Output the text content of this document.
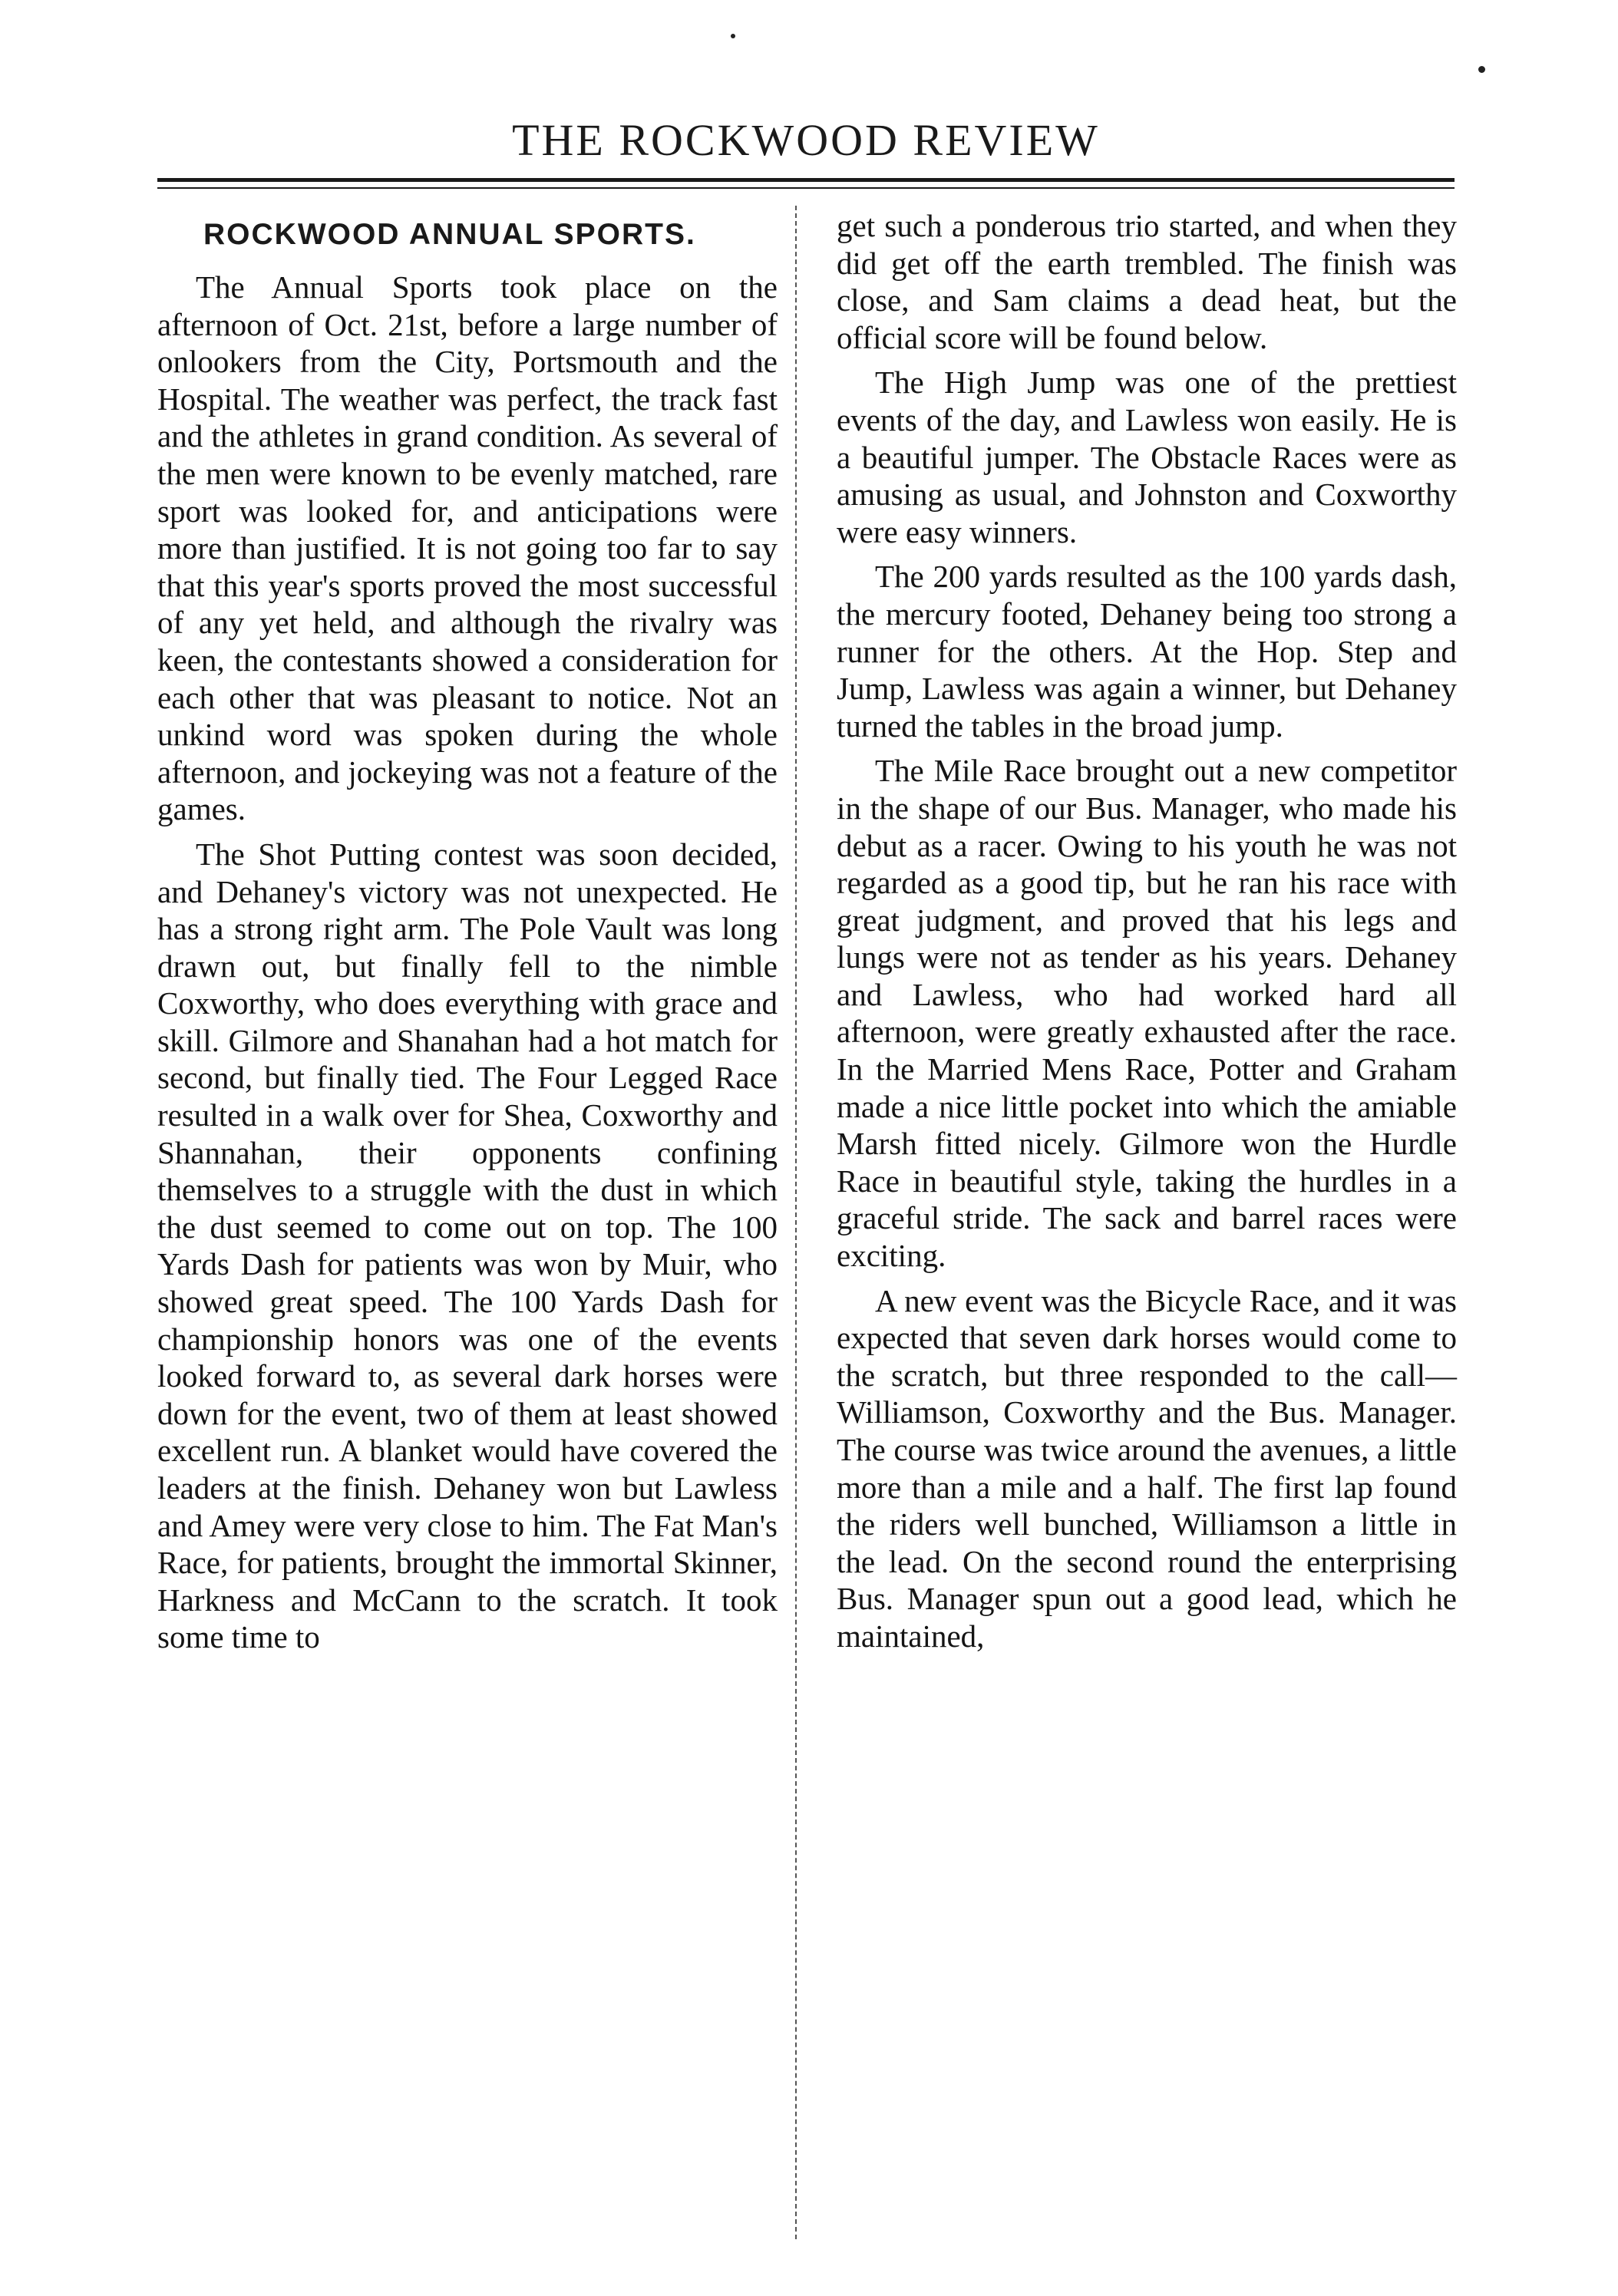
THE ROCKWOOD REVIEW
ROCKWOOD ANNUAL SPORTS.

The Annual Sports took place on the afternoon of Oct. 21st, before a large number of onlookers from the City, Portsmouth and the Hospital. The weather was perfect, the track fast and the athletes in grand condition. As several of the men were known to be evenly matched, rare sport was looked for, and anticipations were more than justified. It is not going too far to say that this year's sports proved the most successful of any yet held, and although the rivalry was keen, the contestants showed a consideration for each other that was pleasant to notice. Not an unkind word was spoken during the whole afternoon, and jockeying was not a feature of the games.

The Shot Putting contest was soon decided, and Dehaney's victory was not unexpected. He has a strong right arm. The Pole Vault was long drawn out, but finally fell to the nimble Coxworthy, who does everything with grace and skill. Gilmore and Shanahan had a hot match for second, but finally tied. The Four Legged Race resulted in a walk over for Shea, Coxworthy and Shannahan, their opponents confining themselves to a struggle with the dust in which the dust seemed to come out on top. The 100 Yards Dash for patients was won by Muir, who showed great speed. The 100 Yards Dash for championship honors was one of the events looked forward to, as several dark horses were down for the event, two of them at least showed excellent run. A blanket would have covered the leaders at the finish. Dehaney won but Lawless and Amey were very close to him. The Fat Man's Race, for patients, brought the immortal Skinner, Harkness and McCann to the scratch. It took some time to

get such a ponderous trio started, and when they did get off the earth trembled. The finish was close, and Sam claims a dead heat, but the official score will be found below.

The High Jump was one of the prettiest events of the day, and Lawless won easily. He is a beautiful jumper. The Obstacle Races were as amusing as usual, and Johnston and Coxworthy were easy winners.

The 200 yards resulted as the 100 yards dash, the mercury footed, Dehaney being too strong a runner for the others. At the Hop. Step and Jump, Lawless was again a winner, but Dehaney turned the tables in the broad jump.

The Mile Race brought out a new competitor in the shape of our Bus. Manager, who made his debut as a racer. Owing to his youth he was not regarded as a good tip, but he ran his race with great judgment, and proved that his legs and lungs were not as tender as his years. Dehaney and Lawless, who had worked hard all afternoon, were greatly exhausted after the race. In the Married Mens Race, Potter and Graham made a nice little pocket into which the amiable Marsh fitted nicely. Gilmore won the Hurdle Race in beautiful style, taking the hurdles in a graceful stride. The sack and barrel races were exciting.

A new event was the Bicycle Race, and it was expected that seven dark horses would come to the scratch, but three responded to the call—Williamson, Coxworthy and the Bus. Manager. The course was twice around the avenues, a little more than a mile and a half. The first lap found the riders well bunched, Williamson a little in the lead. On the second round the enterprising Bus. Manager spun out a good lead, which he maintained,
